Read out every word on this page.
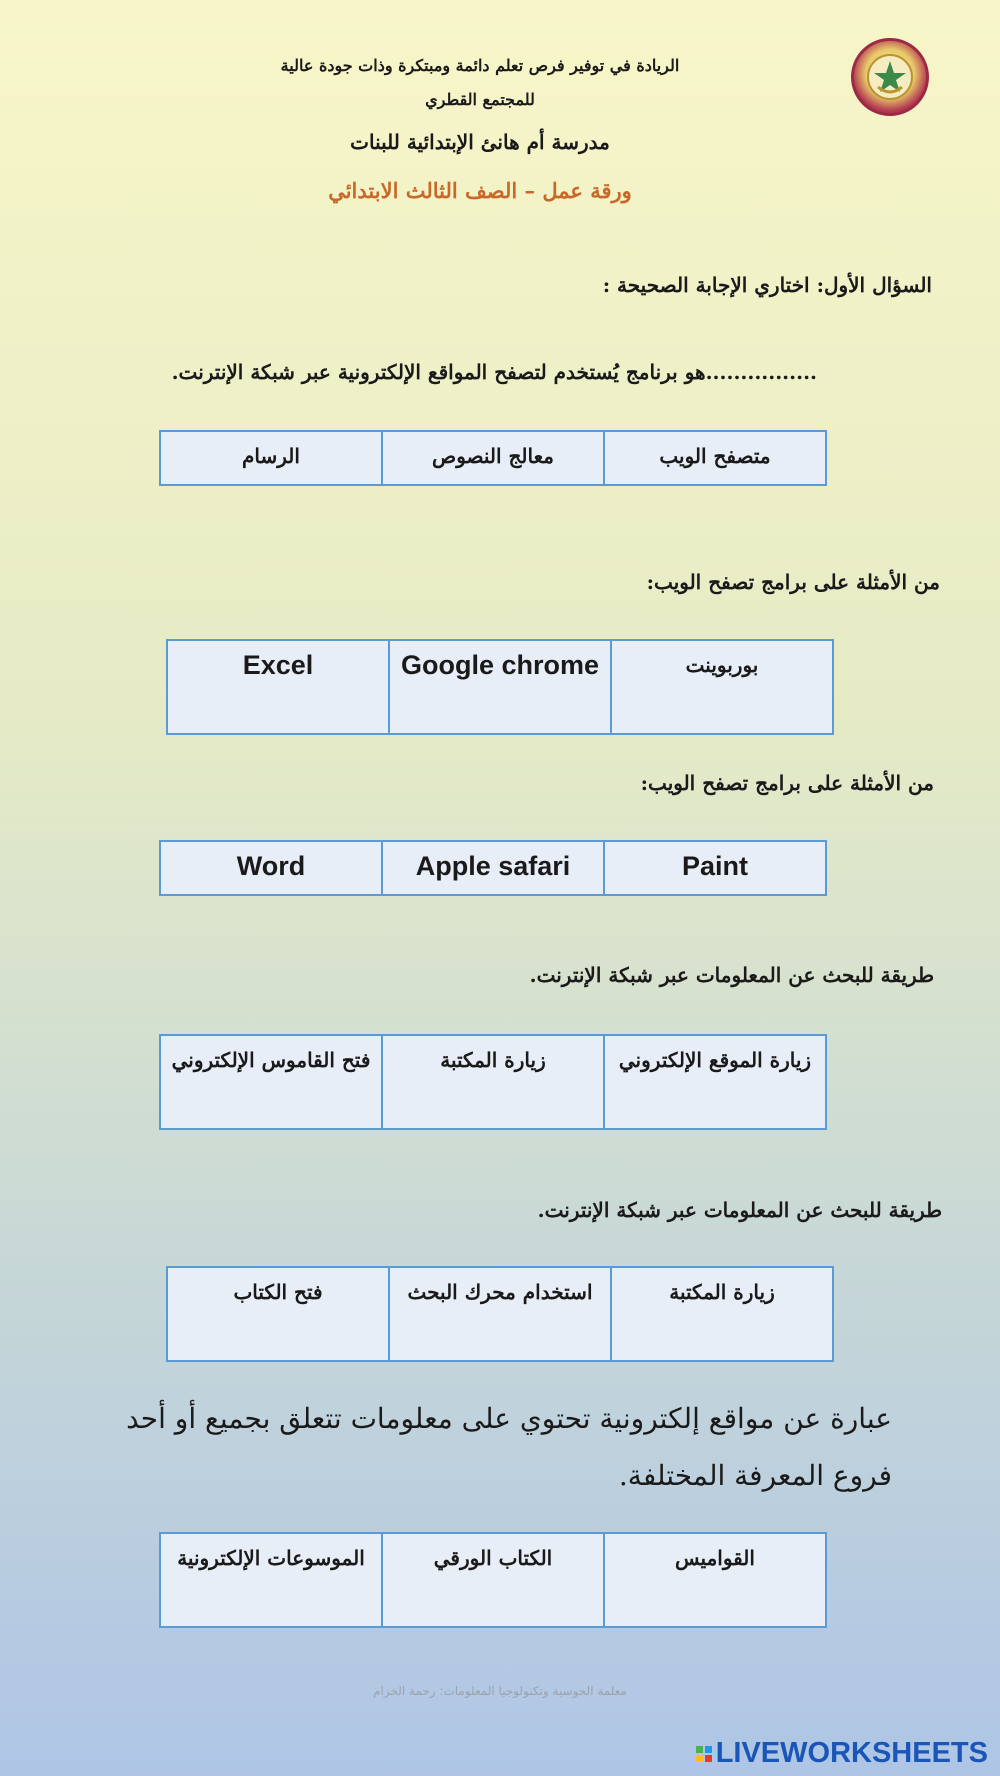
الريادة في توفير فرص تعلم دائمة ومبتكرة وذات جودة عالية
للمجتمع القطري
مدرسة أم هانئ الإبتدائية للبنات
ورقة عمل – الصف الثالث الابتدائي
السؤال الأول: اختاري الإجابة الصحيحة :
................هو برنامج يُستخدم لتصفح المواقع الإلكترونية عبر شبكة الإنترنت.
متصفح الويب	معالج النصوص	الرسام
من الأمثلة على برامج تصفح الويب:
بوربوينت	Google chrome	Excel
من الأمثلة على برامج تصفح الويب:
Paint	Apple safari	Word
طريقة للبحث عن المعلومات عبر شبكة الإنترنت.
زيارة الموقع الإلكتروني	زيارة المكتبة	فتح القاموس الإلكتروني
طريقة للبحث عن المعلومات عبر شبكة الإنترنت.
زيارة المكتبة	استخدام محرك البحث	فتح الكتاب
عبارة عن مواقع إلكترونية تحتوي على معلومات تتعلق بجميع أو أحد فروع المعرفة المختلفة.
القواميس	الكتاب الورقي	الموسوعات الإلكترونية
معلمة الحوسبة وتكنولوجيا المعلومات: رحمة الخزام
LIVEWORKSHEETS
